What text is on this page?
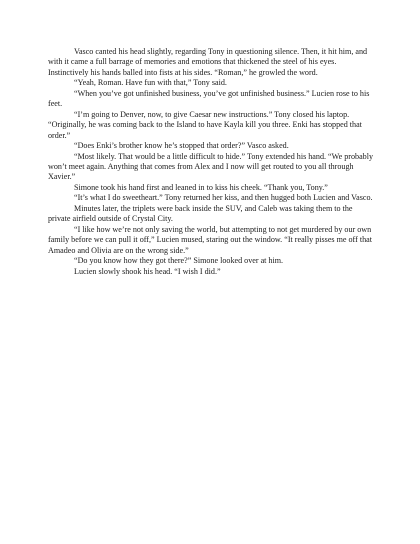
Vasco canted his head slightly, regarding Tony in questioning silence. Then, it hit him, and with it came a full barrage of memories and emotions that thickened the steel of his eyes. Instinctively his hands balled into fists at his sides. “Roman,” he growled the word.

“Yeah, Roman. Have fun with that,” Tony said.

“When you’ve got unfinished business, you’ve got unfinished business.” Lucien rose to his feet.

“I’m going to Denver, now, to give Caesar new instructions.” Tony closed his laptop. “Originally, he was coming back to the Island to have Kayla kill you three. Enki has stopped that order.”

“Does Enki’s brother know he’s stopped that order?” Vasco asked.

“Most likely. That would be a little difficult to hide.” Tony extended his hand. “We probably won’t meet again. Anything that comes from Alex and I now will get routed to you all through Xavier.”

Simone took his hand first and leaned in to kiss his cheek. “Thank you, Tony.”

“It’s what I do sweetheart.” Tony returned her kiss, and then hugged both Lucien and Vasco.

Minutes later, the triplets were back inside the SUV, and Caleb was taking them to the private airfield outside of Crystal City.

“I like how we’re not only saving the world, but attempting to not get murdered by our own family before we can pull it off,” Lucien mused, staring out the window. “It really pisses me off that Amadeo and Olivia are on the wrong side.”

“Do you know how they got there?” Simone looked over at him.

Lucien slowly shook his head. “I wish I did.”
